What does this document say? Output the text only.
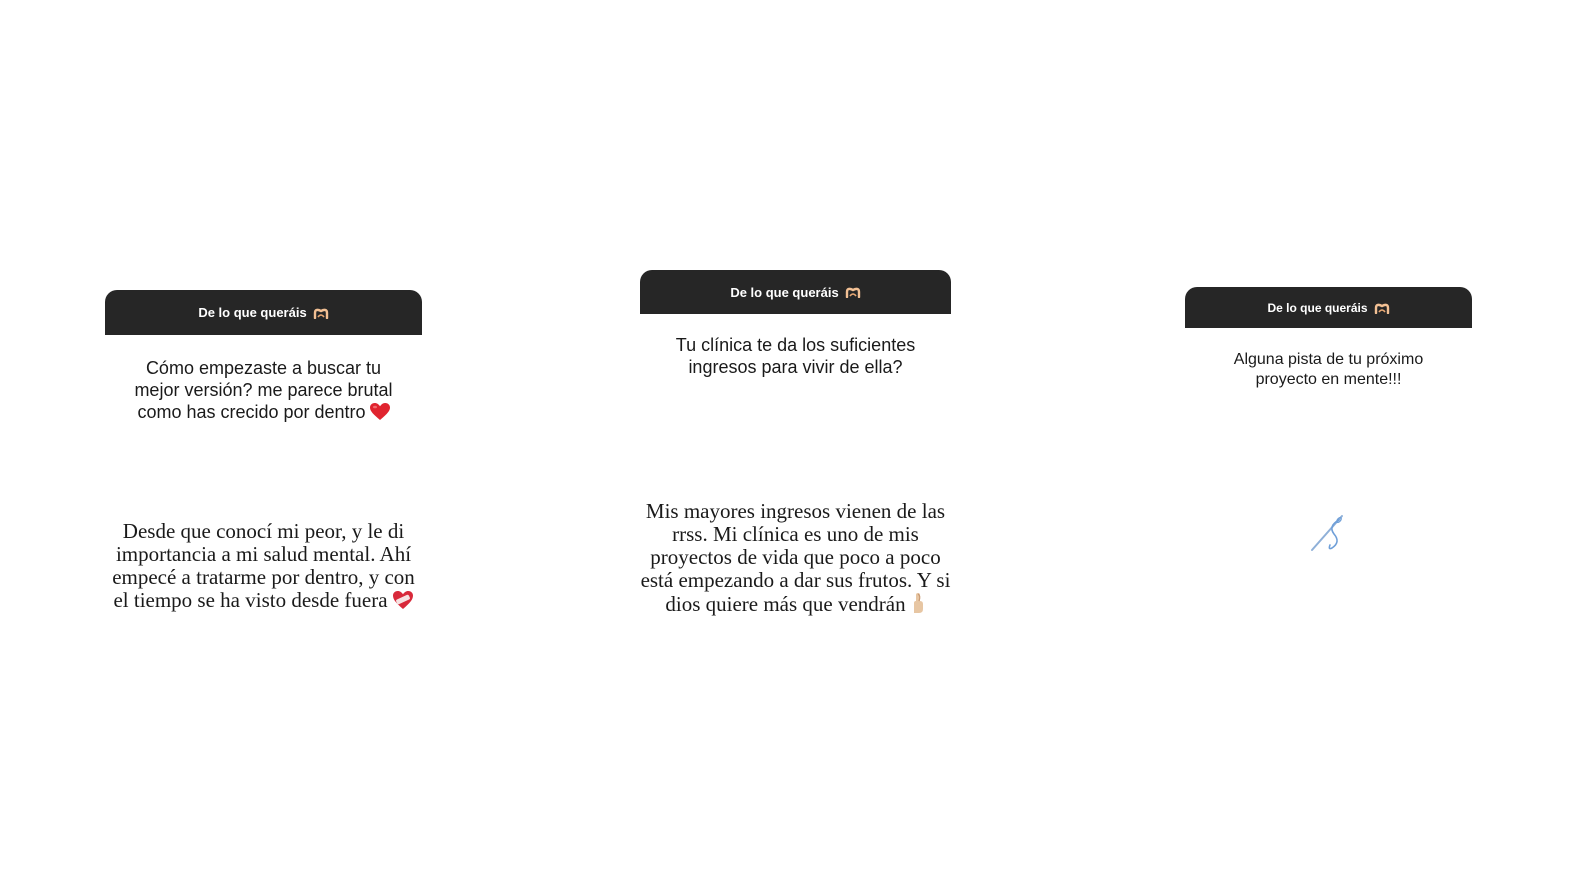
De lo que queráis
Cómo empezaste a buscar tu mejor versión? me parece brutal como has crecido por dentro
Desde que conocí mi peor, y le di importancia a mi salud mental. Ahí empecé a tratarme por dentro, y con el tiempo se ha visto desde fuera
De lo que queráis
Tu clínica te da los suficientes ingresos para vivir de ella?
Mis mayores ingresos vienen de las rrss. Mi clínica es uno de mis proyectos de vida que poco a poco está empezando a dar sus frutos. Y si dios quiere más que vendrán
De lo que queráis
Alguna pista de tu próximo proyecto en mente!!!
